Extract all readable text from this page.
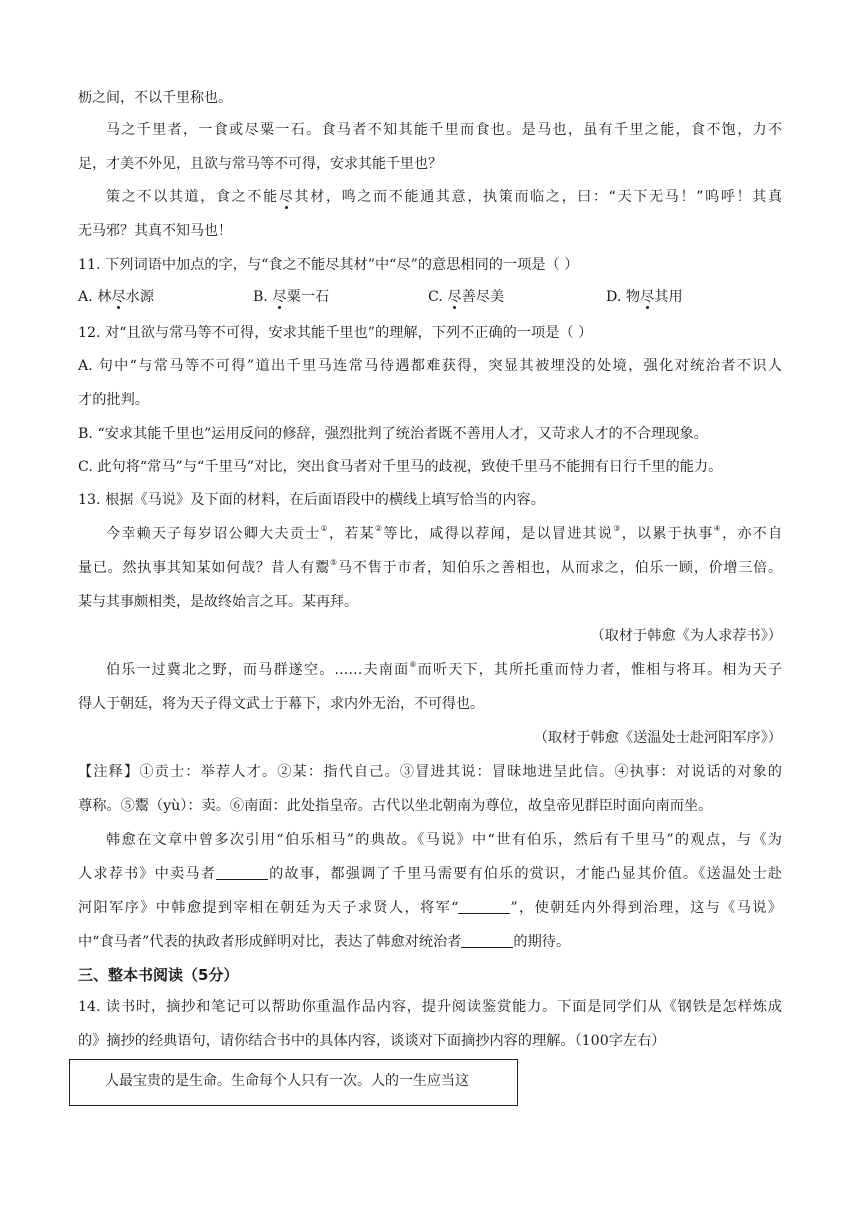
枥之间，不以千里称也。
马之千里者，一食或尽粟一石。食马者不知其能千里而食也。是马也，虽有千里之能，食不饱，力不
足，才美不外见，且欲与常马等不可得，安求其能千里也？
策之不以其道，食之不能尽其材，鸣之而不能通其意，执策而临之，曰：“天下无马！”呜呼！其真
无马邪？其真不知马也！
11. 下列词语中加点的字，与“食之不能尽其材”中“尽”的意思相同的一项是（ ）
A. 林尽水源	B. 尽粟一石	C. 尽善尽美	D. 物尽其用
12. 对“且欲与常马等不可得，安求其能千里也”的理解，下列不正确的一项是（ ）
A. 句中“与常马等不可得”道出千里马连常马待遇都难获得，突显其被埋没的处境，强化对统治者不识人
才的批判。
B. “安求其能千里也”运用反问的修辞，强烈批判了统治者既不善用人才，又苛求人才的不合理现象。
C. 此句将“常马”与“千里马”对比，突出食马者对千里马的歧视，致使千里马不能拥有日行千里的能力。
13. 根据《马说》及下面的材料，在后面语段中的横线上填写恰当的内容。
今幸赖天子每岁诏公卿大夫贡士①，若某②等比，咸得以荐闻，是以冒进其说③，以累于执事④，亦不自
量已。然执事其知某如何哉？昔人有鬻⑤马不售于市者，知伯乐之善相也，从而求之，伯乐一顾，价增三倍。
某与其事颇相类，是故终始言之耳。某再拜。
（取材于韩愈《为人求荐书》）
伯乐一过冀北之野，而马群遂空。……夫南面⑥而听天下，其所托重而恃力者，惟相与将耳。相为天子
得人于朝廷，将为天子得文武士于幕下，求内外无治，不可得也。
（取材于韩愈《送温处士赴河阳军序》）
【注释】①贡士：举荐人才。②某：指代自己。③冒进其说：冒昧地进呈此信。④执事：对说话的对象的
尊称。⑤鬻（yù）：卖。⑥南面：此处指皇帝。古代以坐北朝南为尊位，故皇帝见群臣时面向南而坐。
韩愈在文章中曾多次引用“伯乐相马”的典故。《马说》中“世有伯乐，然后有千里马”的观点，与《为
人求荐书》中卖马者	的故事，都强调了千里马需要有伯乐的赏识，才能凸显其价值。《送温处士赴
河阳军序》中韩愈提到宰相在朝廷为天子求贤人，将军“	”，使朝廷内外得到治理，这与《马说》
中“食马者”代表的执政者形成鲜明对比，表达了韩愈对统治者	的期待。
三、整本书阅读（5分）
14. 读书时，摘抄和笔记可以帮助你重温作品内容，提升阅读鉴赏能力。下面是同学们从《钢铁是怎样炼成
的》摘抄的经典语句，请你结合书中的具体内容，谈谈对下面摘抄内容的理解。（100字左右）
人最宝贵的是生命。生命每个人只有一次。人的一生应当这
